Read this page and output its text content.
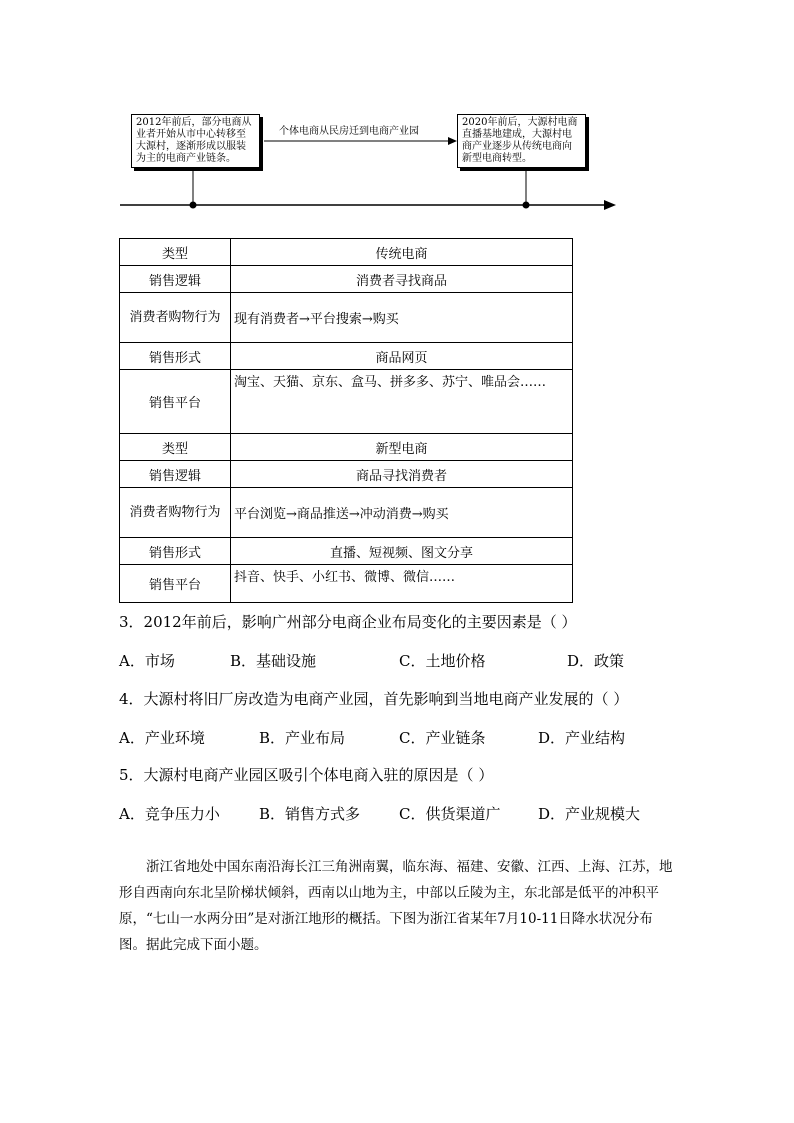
2012年前后，部分电商从业者开始从市中心转移至大源村，逐渐形成以服装为主的电商产业链条。
个体电商从民房迁到电商产业园
2020年前后，大源村电商直播基地建成，大源村电商产业逐步从传统电商向新型电商转型。
类型	传统电商
销售逻辑	消费者寻找商品
消费者购物行为	现有消费者→平台搜索→购买
销售形式	商品网页
销售平台	淘宝、天猫、京东、盒马、拼多多、苏宁、唯品会……
类型	新型电商
销售逻辑	商品寻找消费者
消费者购物行为	平台浏览→商品推送→冲动消费→购买
销售形式	直播、短视频、图文分享
销售平台	抖音、快手、小红书、微博、微信……
3．2012年前后，影响广州部分电商企业布局变化的主要因素是（ ）
A．市场	B．基础设施	C．土地价格	D．政策
4．大源村将旧厂房改造为电商产业园，首先影响到当地电商产业发展的（ ）
A．产业环境	B．产业布局	C．产业链条	D．产业结构
5．大源村电商产业园区吸引个体电商入驻的原因是（ ）
A．竞争压力小	B．销售方式多	C．供货渠道广	D．产业规模大
浙江省地处中国东南沿海长江三角洲南翼，临东海、福建、安徽、江西、上海、江苏，地形自西南向东北呈阶梯状倾斜，西南以山地为主，中部以丘陵为主，东北部是低平的冲积平原，“七山一水两分田”是对浙江地形的概括。下图为浙江省某年7月10-11日降水状况分布图。据此完成下面小题。
